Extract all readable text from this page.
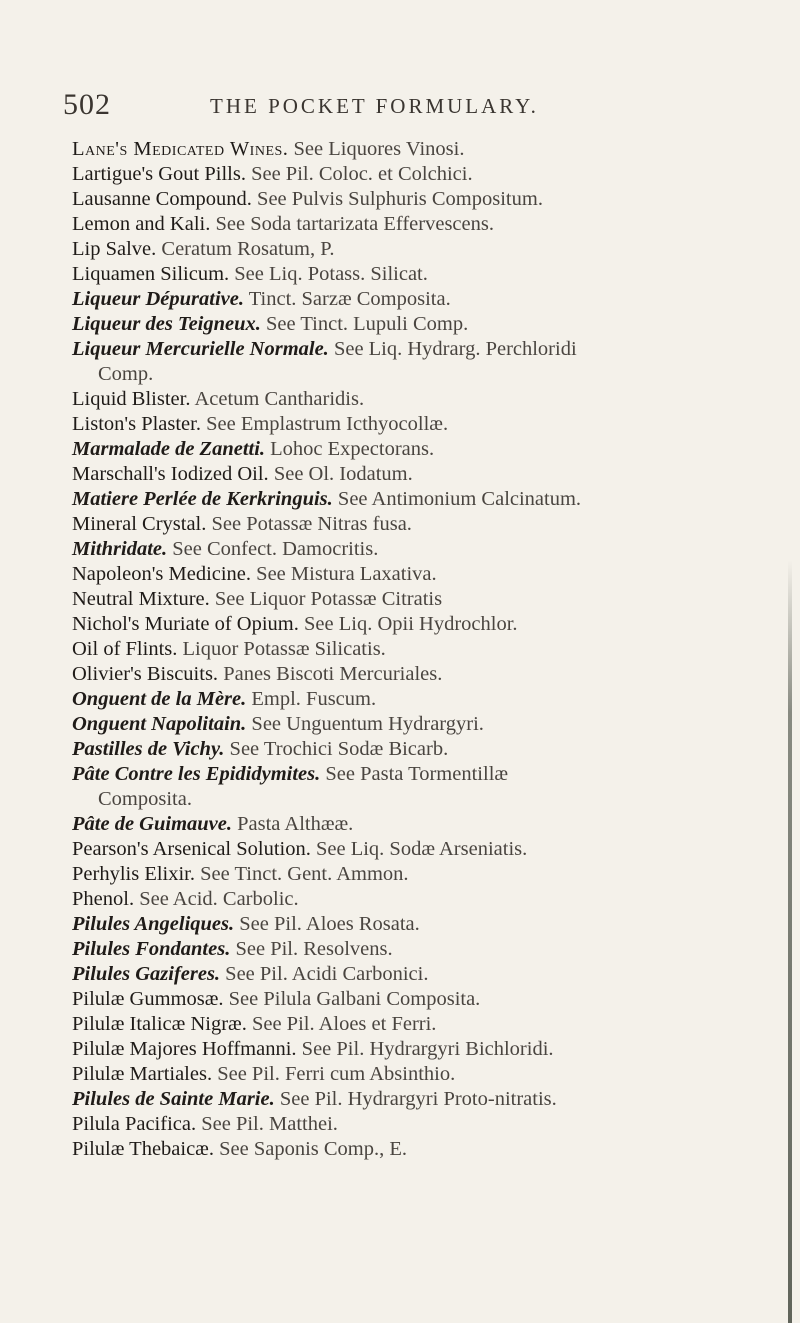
502	THE POCKET FORMULARY.
Lane's Medicated Wines. See Liquores Vinosi.
Lartigue's Gout Pills. See Pil. Coloc. et Colchici.
Lausanne Compound. See Pulvis Sulphuris Compositum.
Lemon and Kali. See Soda tartarizata Effervescens.
Lip Salve. Ceratum Rosatum, P.
Liquamen Silicum. See Liq. Potass. Silicat.
Liqueur Dépurative. Tinct. Sarzæ Composita.
Liqueur des Teigneux. See Tinct. Lupuli Comp.
Liqueur Mercurielle Normale. See Liq. Hydrarg. Perchloridi
Comp.
Liquid Blister. Acetum Cantharidis.
Liston's Plaster. See Emplastrum Icthyocollæ.
Marmalade de Zanetti. Lohoc Expectorans.
Marschall's Iodized Oil. See Ol. Iodatum.
Matiere Perlée de Kerkringuis. See Antimonium Calcinatum.
Mineral Crystal. See Potassæ Nitras fusa.
Mithridate. See Confect. Damocritis.
Napoleon's Medicine. See Mistura Laxativa.
Neutral Mixture. See Liquor Potassæ Citratis
Nichol's Muriate of Opium. See Liq. Opii Hydrochlor.
Oil of Flints. Liquor Potassæ Silicatis.
Olivier's Biscuits. Panes Biscoti Mercuriales.
Onguent de la Mère. Empl. Fuscum.
Onguent Napolitain. See Unguentum Hydrargyri.
Pastilles de Vichy. See Trochici Sodæ Bicarb.
Pâte Contre les Epididymites. See Pasta Tormentillæ
Composita.
Pâte de Guimauve. Pasta Althææ.
Pearson's Arsenical Solution. See Liq. Sodæ Arseniatis.
Perhylis Elixir. See Tinct. Gent. Ammon.
Phenol. See Acid. Carbolic.
Pilules Angeliques. See Pil. Aloes Rosata.
Pilules Fondantes. See Pil. Resolvens.
Pilules Gaziferes. See Pil. Acidi Carbonici.
Pilulæ Gummosæ. See Pilula Galbani Composita.
Pilulæ Italicæ Nigræ. See Pil. Aloes et Ferri.
Pilulæ Majores Hoffmanni. See Pil. Hydrargyri Bichloridi.
Pilulæ Martiales. See Pil. Ferri cum Absinthio.
Pilules de Sainte Marie. See Pil. Hydrargyri Proto-nitratis.
Pilula Pacifica. See Pil. Matthei.
Pilulæ Thebaicæ. See Saponis Comp., E.
